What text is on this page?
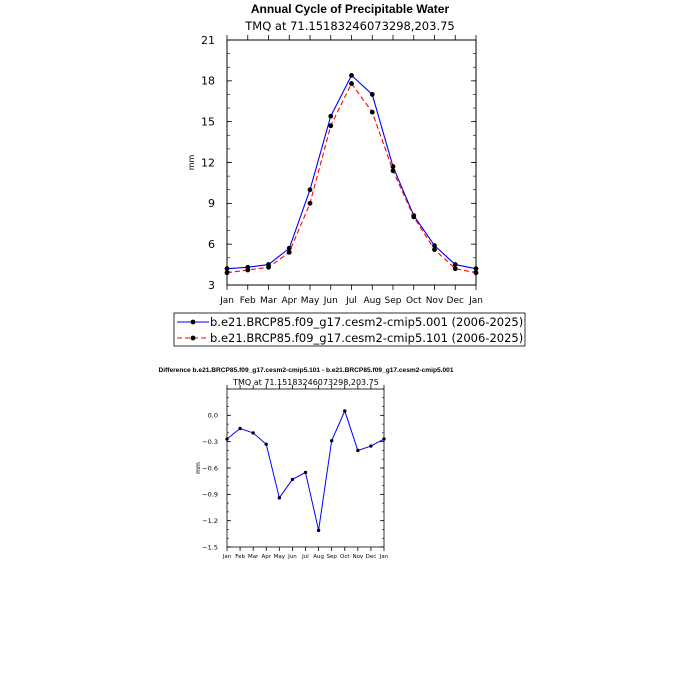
Annual Cycle of Precipitable Water
TMQ at 71.15183246073298,203.75
3
6
9
12
15
18
21
Jan Feb Mar Apr May Jun Jul Aug Sep Oct Nov Dec Jan
mm
b.e21.BRCP85.f09_g17.cesm2-cmip5.001 (2006-2025)
b.e21.BRCP85.f09_g17.cesm2-cmip5.101 (2006-2025)
Difference b.e21.BRCP85.f09_g17.cesm2-cmip5.101 - b.e21.BRCP85.f09_g17.cesm2-cmip5.001
TMQ at 71.15183246073298,203.75
−1.5
−1.2
−0.9
−0.6
−0.3
0.0
Jan Feb Mar Apr May Jun Jul Aug Sep Oct Nov Dec Jan
mm
